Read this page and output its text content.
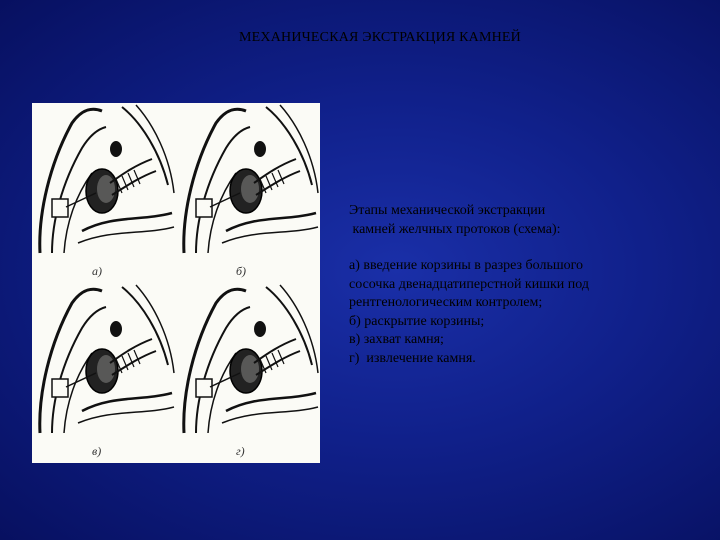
МЕХАНИЧЕСКАЯ ЭКСТРАКЦИЯ КАМНЕЙ
а)	б)
в)	г)
Этапы механической экстракции
камней желчных протоков (схема):
а) введение корзины в разрез большого
сосочка двенадцатиперстной кишки под
рентгенологическим контролем;
б) раскрытие корзины;
в) захват камня;
г)  извлечение камня.
